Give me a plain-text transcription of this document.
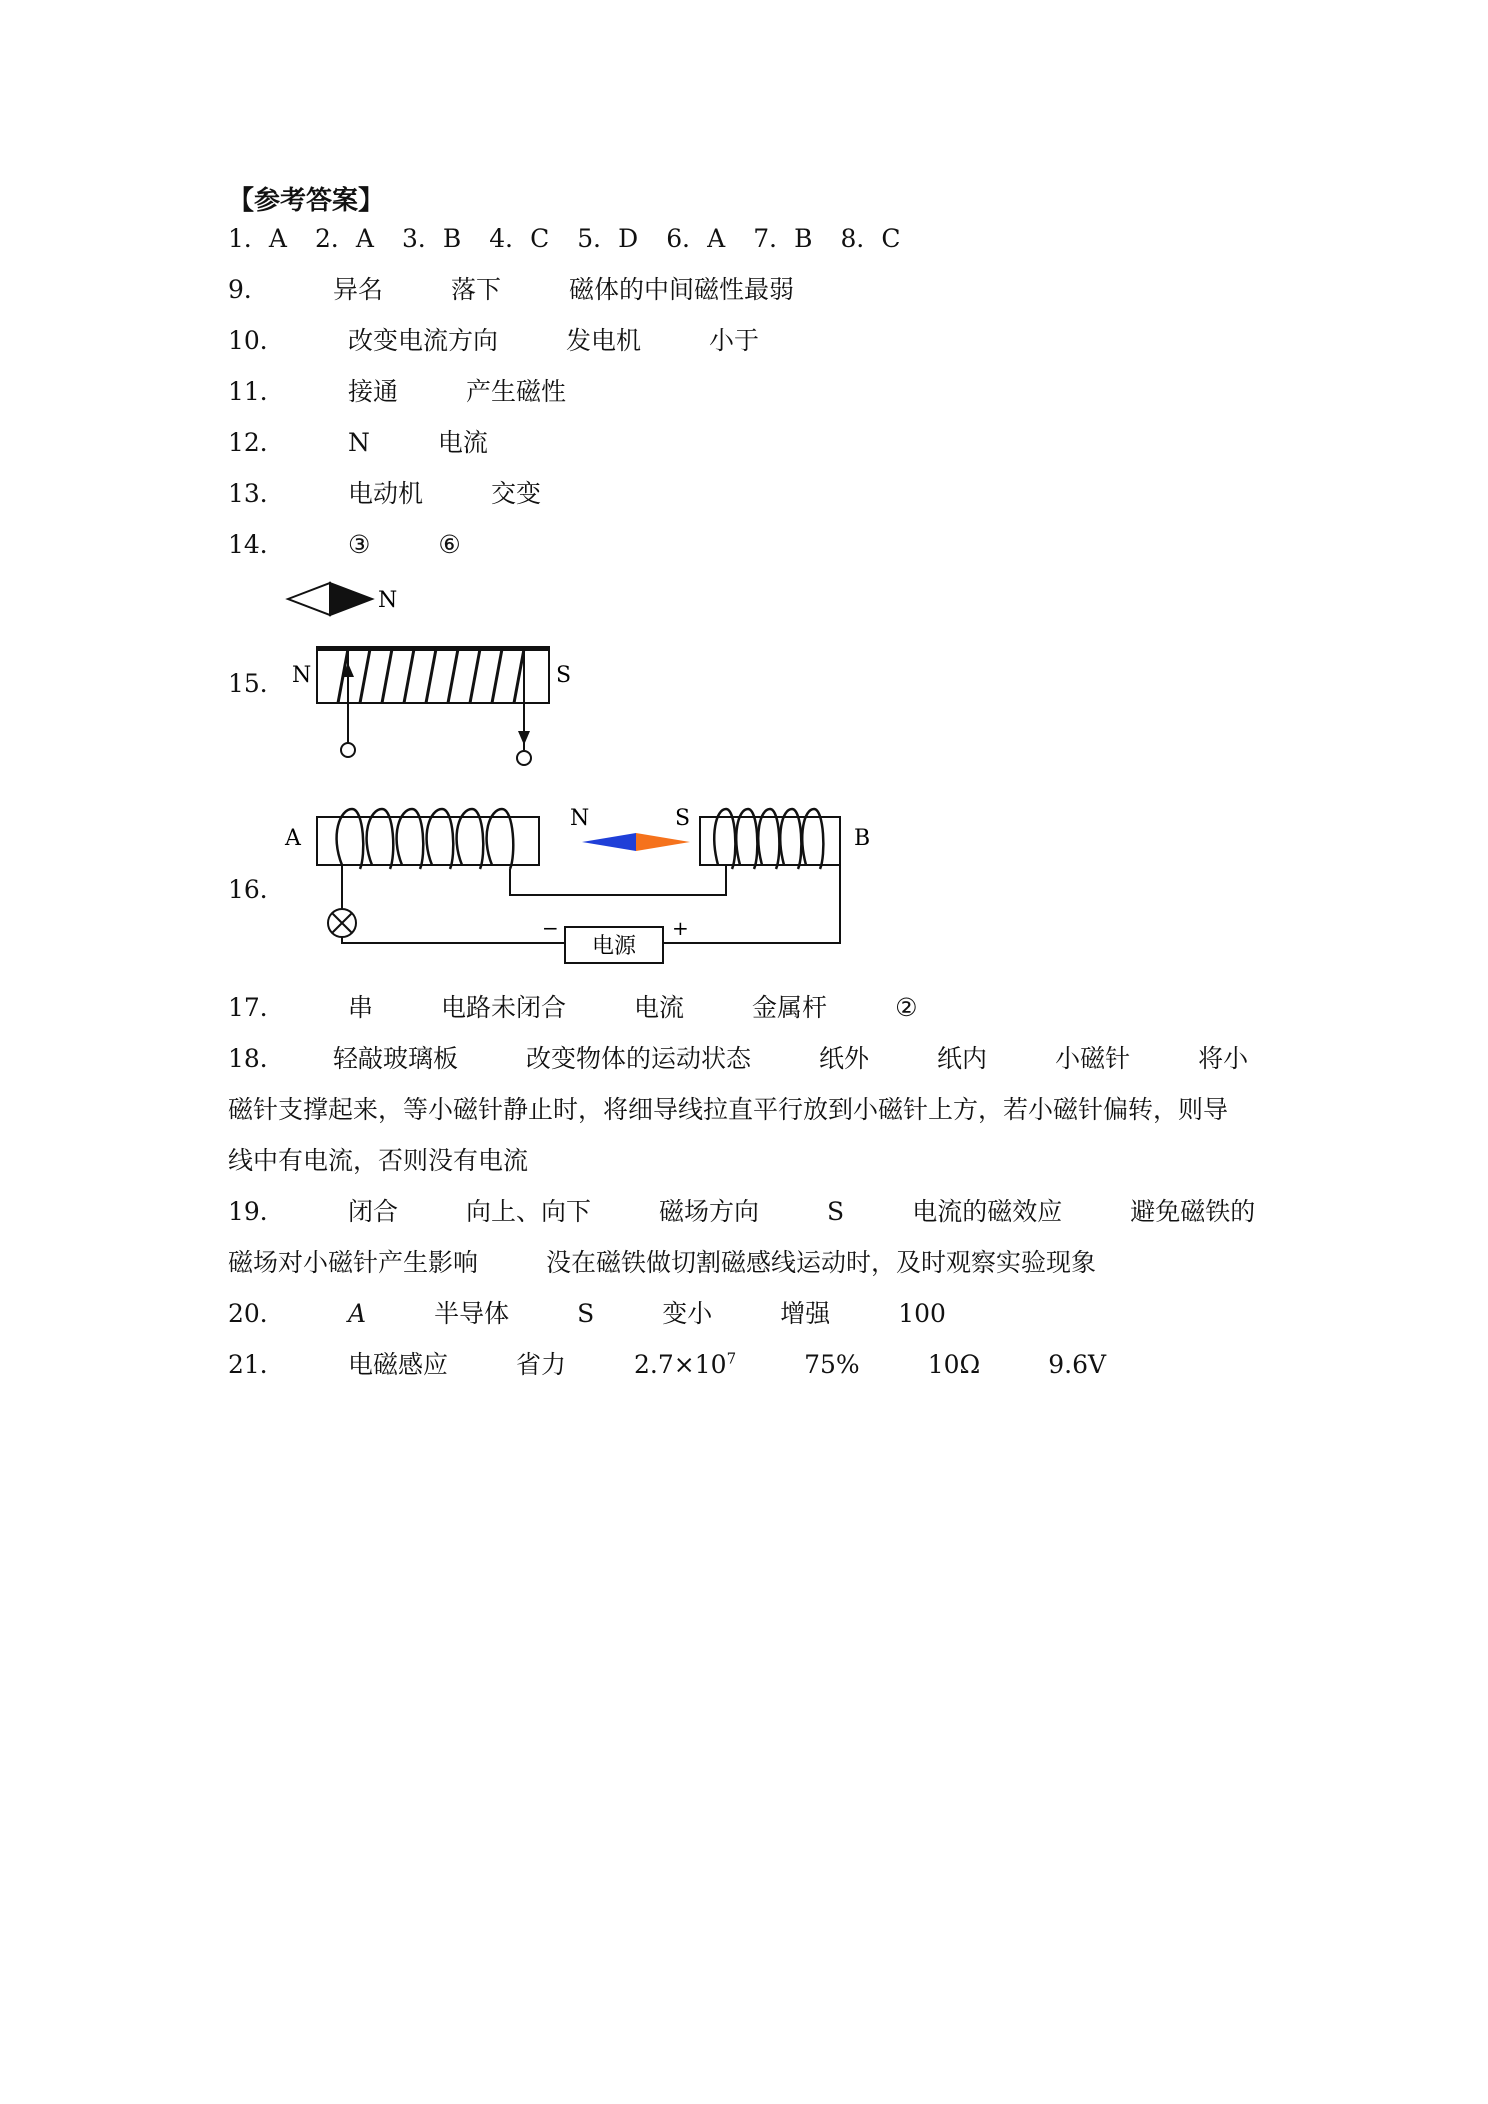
【参考答案】
1．A 2．A 3．B 4．C 5．D 6．A 7．B 8．C
9．	异名	落下	磁体的中间磁性最弱
10．	改变电流方向	发电机	小于
11．	接通	产生磁性
12．	N	电流
13．	电动机	交变
14．	③	⑥
15．
N
N	S
16．
A
N	S
B
电源
−	+
17．	串	电路未闭合	电流	金属杆	②
18． 轻敲玻璃板	改变物体的运动状态	纸外	纸内	小磁针	将小
磁针支撑起来，等小磁针静止时，将细导线拉直平行放到小磁针上方，若小磁针偏转，则导
线中有电流，否则没有电流
19．	闭合	向上、向下	磁场方向	S	电流的磁效应	避免磁铁的
磁场对小磁针产生影响	没在磁铁做切割磁感线运动时，及时观察实验现象
20．	A	半导体	S	变小	增强	100
21．	电磁感应	省力	$2.7\times 10^7$	75%	10Ω	9.6V
